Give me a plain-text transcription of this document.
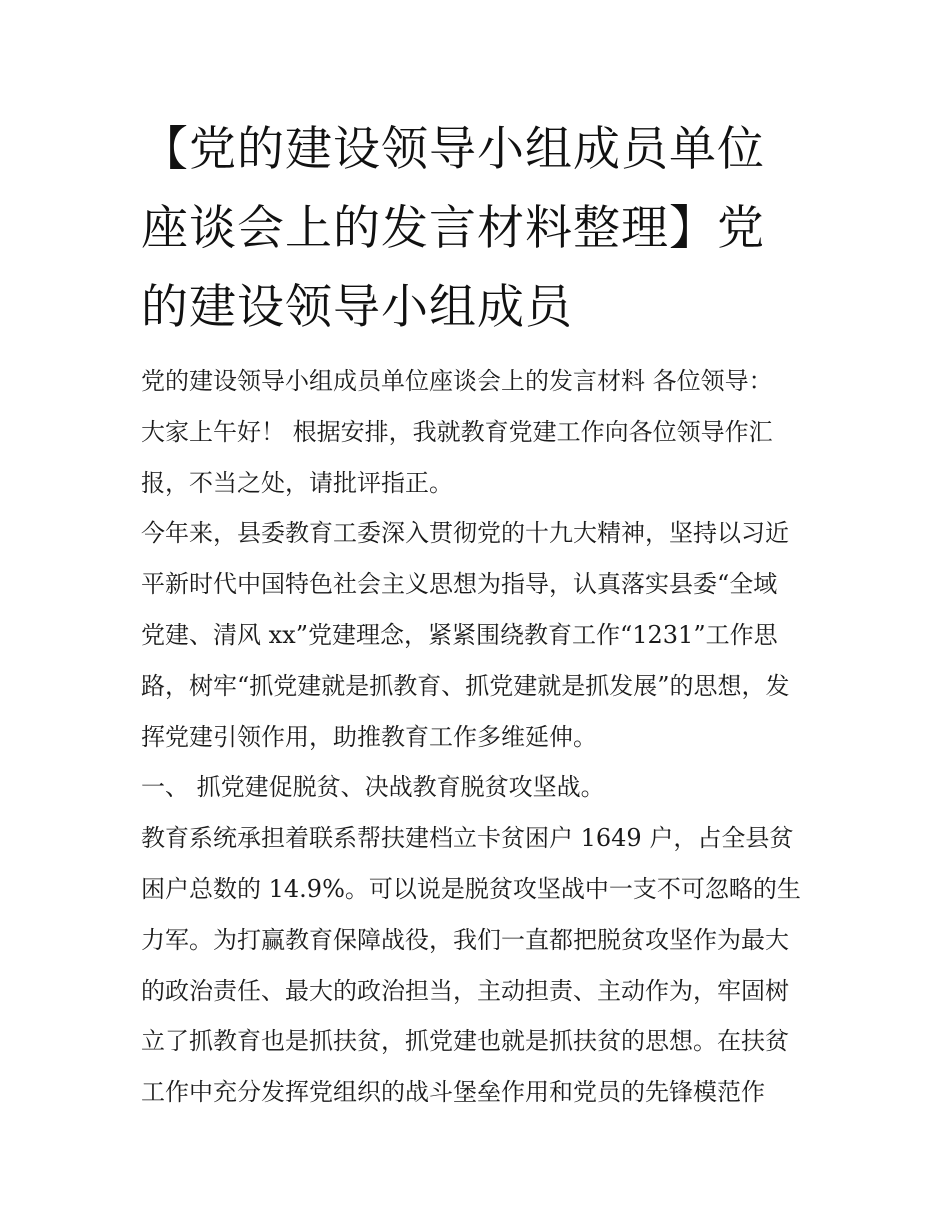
【党的建设领导小组成员单位
座谈会上的发言材料整理】党
的建设领导小组成员
党的建设领导小组成员单位座谈会上的发言材料 各位领导：
大家上午好！ 根据安排，我就教育党建工作向各位领导作汇
报，不当之处，请批评指正。
今年来，县委教育工委深入贯彻党的十九大精神，坚持以习近
平新时代中国特色社会主义思想为指导，认真落实县委“全域
党建、清风 xx”党建理念，紧紧围绕教育工作“1231”工作思
路，树牢“抓党建就是抓教育、抓党建就是抓发展”的思想，发
挥党建引领作用，助推教育工作多维延伸。
一、 抓党建促脱贫、决战教育脱贫攻坚战。
教育系统承担着联系帮扶建档立卡贫困户 1649 户，占全县贫
困户总数的 14.9%。可以说是脱贫攻坚战中一支不可忽略的生
力军。为打赢教育保障战役，我们一直都把脱贫攻坚作为最大
的政治责任、最大的政治担当，主动担责、主动作为，牢固树
立了抓教育也是抓扶贫，抓党建也就是抓扶贫的思想。在扶贫
工作中充分发挥党组织的战斗堡垒作用和党员的先锋模范作
